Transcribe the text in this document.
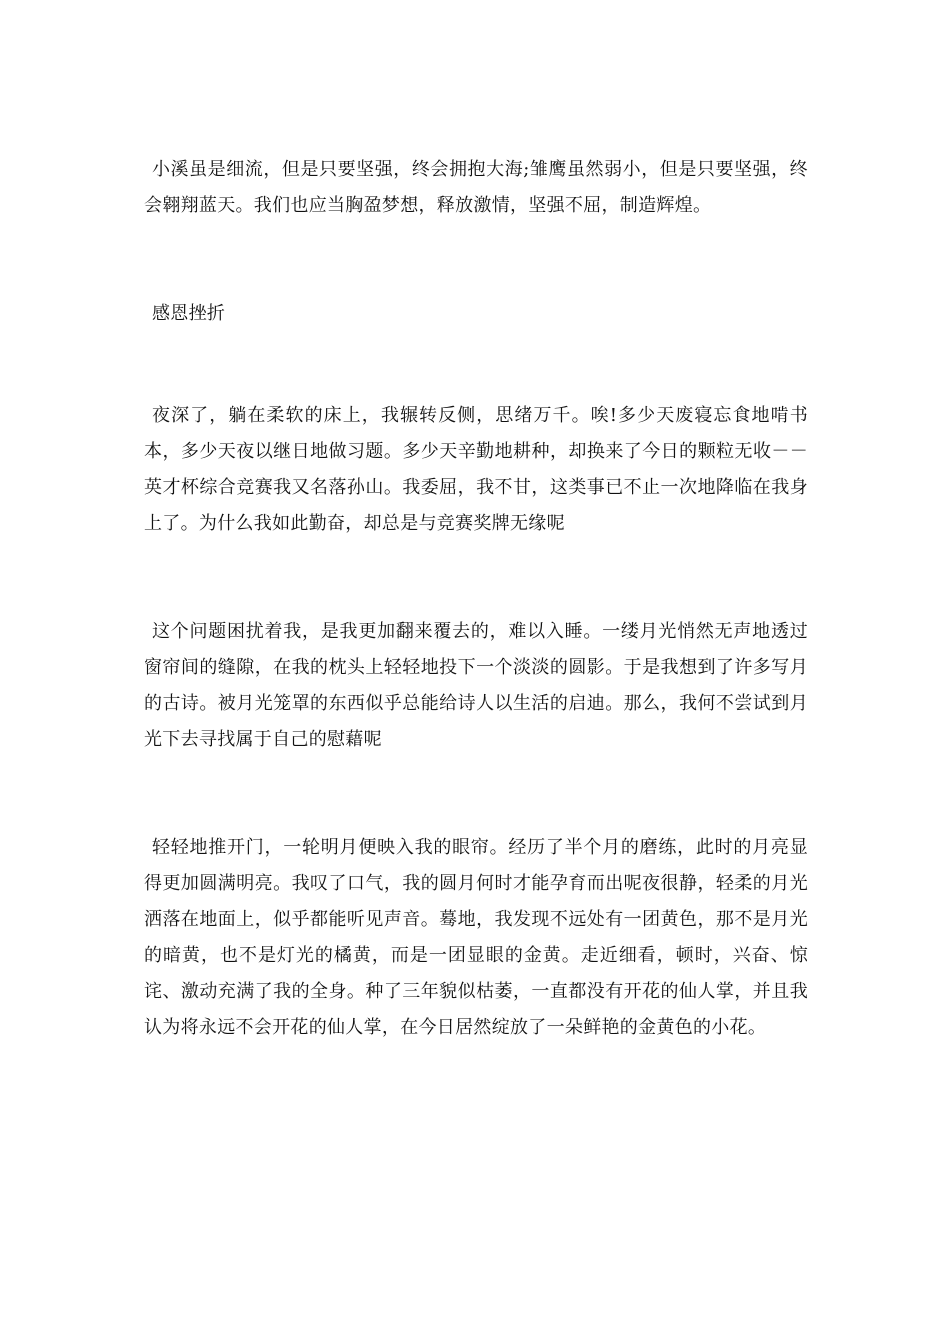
小溪虽是细流，但是只要坚强，终会拥抱大海;雏鹰虽然弱小，但是只要坚强，终会翱翔蓝天。我们也应当胸盈梦想，释放激情，坚强不屈，制造辉煌。

感恩挫折

夜深了，躺在柔软的床上，我辗转反侧，思绪万千。唉!多少天废寝忘食地啃书本，多少天夜以继日地做习题。多少天辛勤地耕种，却换来了今日的颗粒无收－－英才杯综合竞赛我又名落孙山。我委屈，我不甘，这类事已不止一次地降临在我身上了。为什么我如此勤奋，却总是与竞赛奖牌无缘呢

这个问题困扰着我，是我更加翻来覆去的，难以入睡。一缕月光悄然无声地透过窗帘间的缝隙，在我的枕头上轻轻地投下一个淡淡的圆影。于是我想到了许多写月的古诗。被月光笼罩的东西似乎总能给诗人以生活的启迪。那么，我何不尝试到月光下去寻找属于自己的慰藉呢

轻轻地推开门，一轮明月便映入我的眼帘。经历了半个月的磨练，此时的月亮显得更加圆满明亮。我叹了口气，我的圆月何时才能孕育而出呢夜很静，轻柔的月光洒落在地面上，似乎都能听见声音。蓦地，我发现不远处有一团黄色，那不是月光的暗黄，也不是灯光的橘黄，而是一团显眼的金黄。走近细看，顿时，兴奋、惊诧、激动充满了我的全身。种了三年貌似枯萎，一直都没有开花的仙人掌，并且我认为将永远不会开花的仙人掌，在今日居然绽放了一朵鲜艳的金黄色的小花。
